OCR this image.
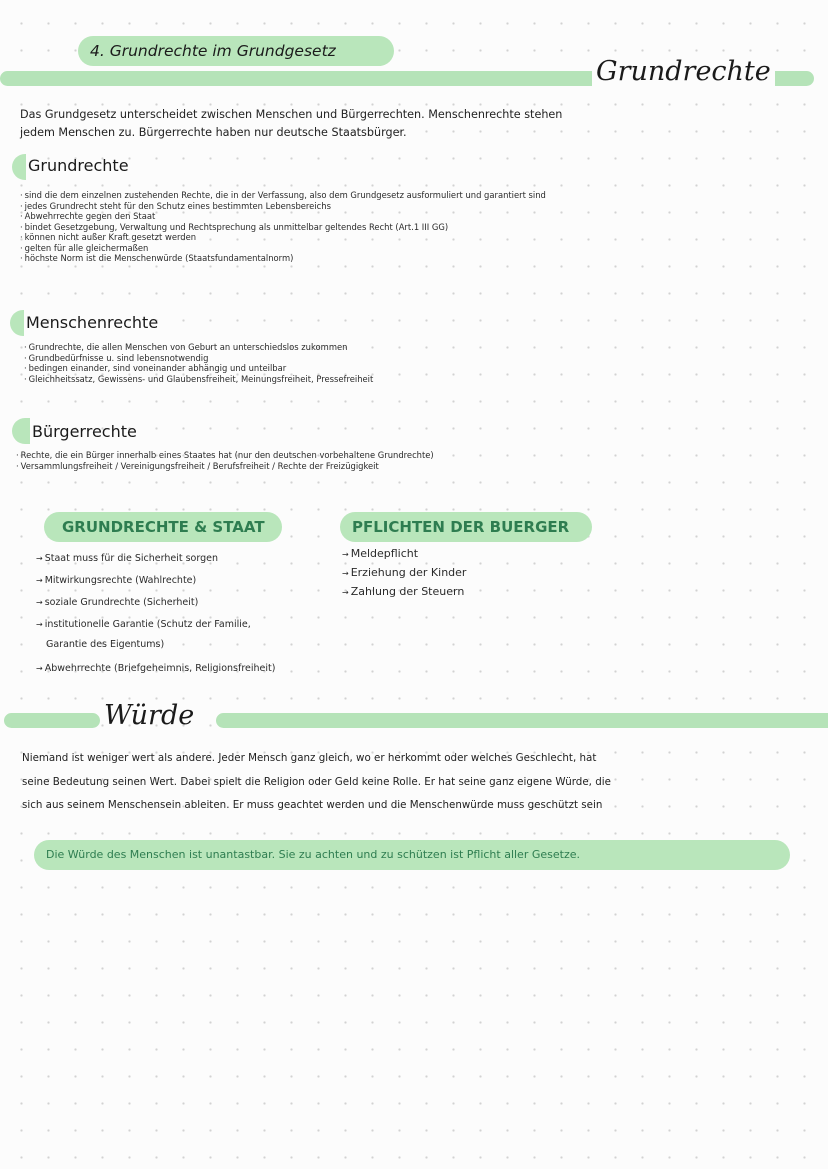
4. Grundrechte im Grundgesetz
Grundrechte
Das Grundgesetz unterscheidet zwischen Menschen und Bürgerrechten. Menschenrechte stehen
jedem Menschen zu. Bürgerrechte haben nur deutsche Staatsbürger.
Grundrechte
· sind die dem einzelnen zustehenden Rechte, die in der Verfassung, also dem Grundgesetz ausformuliert und garantiert sind
· jedes Grundrecht steht für den Schutz eines bestimmten Lebensbereichs
· Abwehrrechte gegen den Staat
· bindet Gesetzgebung, Verwaltung und Rechtsprechung als unmittelbar geltendes Recht (Art.1 III GG)
· können nicht außer Kraft gesetzt werden
· gelten für alle gleichermaßen
· höchste Norm ist die Menschenwürde (Staatsfundamentalnorm)
Menschenrechte
· Grundrechte, die allen Menschen von Geburt an unterschiedslos zukommen
· Grundbedürfnisse u. sind lebensnotwendig
· bedingen einander, sind voneinander abhängig und unteilbar
· Gleichheitssatz, Gewissens- und Glaubensfreiheit, Meinungsfreiheit, Pressefreiheit
Bürgerrechte
· Rechte, die ein Bürger innerhalb eines Staates hat (nur den deutschen vorbehaltene Grundrechte)
· Versammlungsfreiheit / Vereinigungsfreiheit / Berufsfreiheit / Rechte der Freizügigkeit
GRUNDRECHTE & STAAT
→ Staat muss für die Sicherheit sorgen
→ Mitwirkungsrechte (Wahlrechte)
→ soziale Grundrechte (Sicherheit)
→ institutionelle Garantie (Schutz der Familie,
Garantie des Eigentums)
→ Abwehrrechte (Briefgeheimnis, Religionsfreiheit)
PFLICHTEN DER BUERGER
→ Meldepflicht
→ Erziehung der Kinder
→ Zahlung der Steuern
Würde
Niemand ist weniger wert als andere. Jeder Mensch ganz gleich, wo er herkommt oder welches Geschlecht, hat
seine Bedeutung seinen Wert. Dabei spielt die Religion oder Geld keine Rolle. Er hat seine ganz eigene Würde, die
sich aus seinem Menschensein ableiten. Er muss geachtet werden und die Menschenwürde muss geschützt sein
Die Würde des Menschen ist unantastbar. Sie zu achten und zu schützen ist Pflicht aller Gesetze.
